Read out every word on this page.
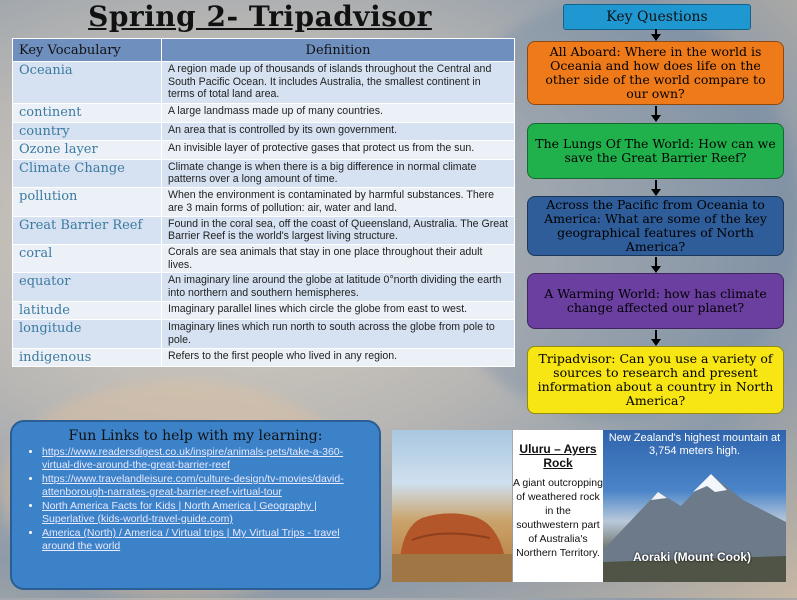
Spring 2- Tripadvisor
Key Vocabulary	Definition
Oceania	A region made up of thousands of islands throughout the Central and South Pacific Ocean. It includes Australia, the smallest continent in terms of total land area.
continent	A large landmass made up of many countries.
country	An area that is controlled by its own government.
Ozone layer	An invisible layer of protective gases that protect us from the sun.
Climate Change	Climate change is when there is a big difference in normal climate patterns over a long amount of time.
pollution	When the environment is contaminated by harmful substances. There are 3 main forms of pollution: air, water and land.
Great Barrier Reef	Found in the coral sea, off the coast of Queensland, Australia. The Great Barrier Reef is the world's largest living structure.
coral	Corals are sea animals that stay in one place throughout their adult lives.
equator	An imaginary line around the globe at latitude 0°north dividing the earth into northern and southern hemispheres.
latitude	Imaginary parallel lines which circle the globe from east to west.
longitude	Imaginary lines which run north to south across the globe from pole to pole.
indigenous	Refers to the first people who lived in any region.
Key Questions
All Aboard: Where in the world is Oceania and how does life on the other side of the world compare to our own?
The Lungs Of The World: How can we save the Great Barrier Reef?
Across the Pacific from Oceania to America: What are some of the key geographical features of North America?
A Warming World: how has climate change affected our planet?
Tripadvisor: Can you use a variety of sources to research and present information about a country in North America?
Fun Links to help with my learning:
• https://www.readersdigest.co.uk/inspire/animals-pets/take-a-360-virtual-dive-around-the-great-barrier-reef
• https://www.travelandleisure.com/culture-design/tv-movies/david-attenborough-narrates-great-barrier-reef-virtual-tour
• North America Facts for Kids | North America | Geography | Superlative (kids-world-travel-guide.com)
• America (North) / America / Virtual trips | My Virtual Trips - travel around the world
Uluru – Ayers Rock
A giant outcropping of weathered rock in the southwestern part of Australia's Northern Territory.
New Zealand's highest mountain at 3,754 meters high.
Aoraki (Mount Cook)
